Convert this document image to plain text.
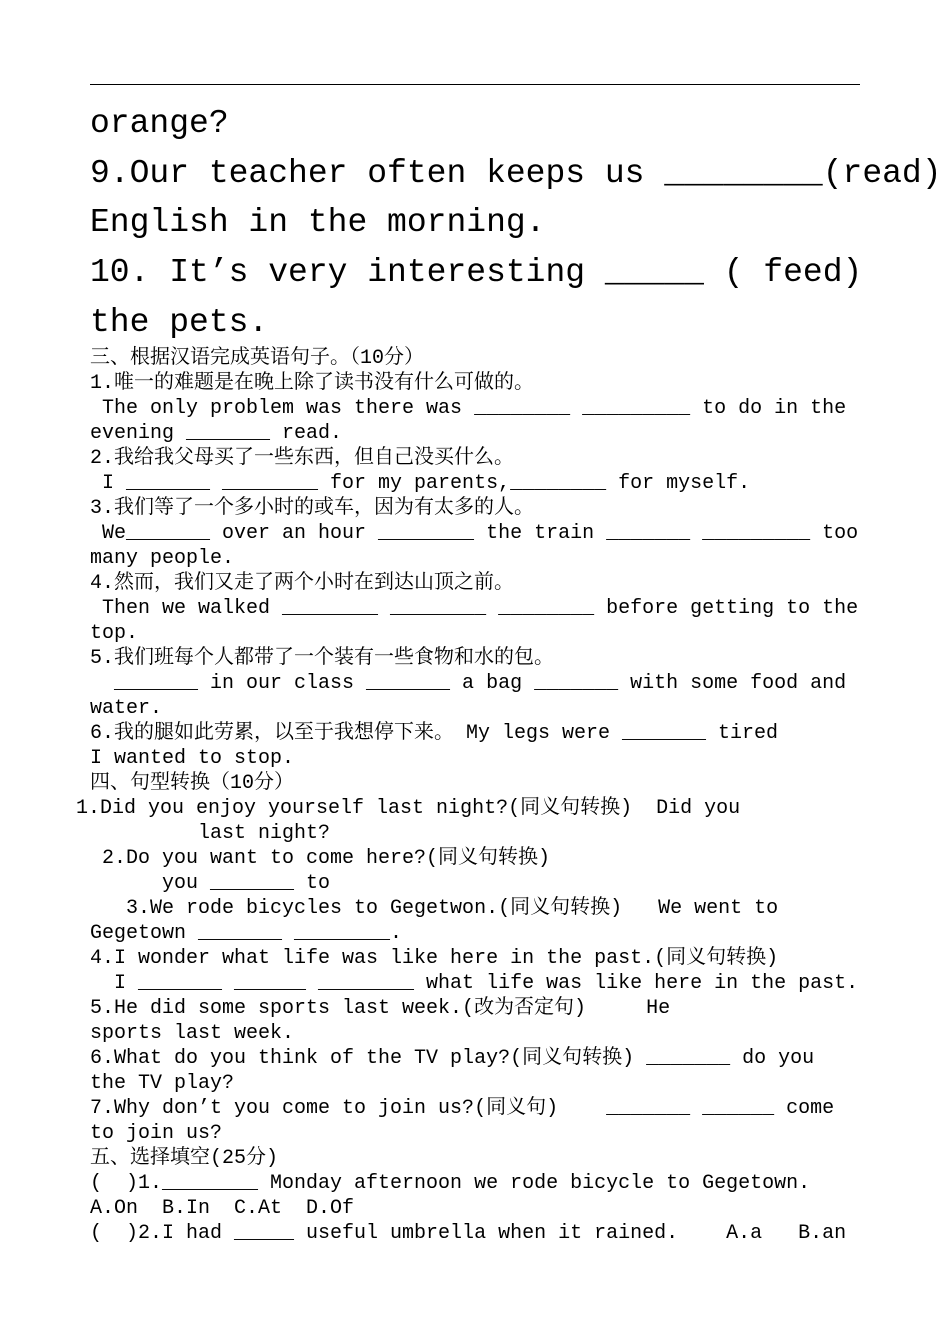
orange?
9.Our teacher often keeps us ________(read)
English in the morning.
10. It’s very interesting _____ ( feed)
the pets.
三、根据汉语完成英语句子。（10分）
1.唯一的难题是在晚上除了读书没有什么可做的。
The only problem was there was ________ _________ to do in the
evening _______ read.
2.我给我父母买了一些东西，但自己没买什么。
I _______ ________ for my parents,________ for myself.
3.我们等了一个多小时的或车，因为有太多的人。
We_______ over an hour ________ the train _______ _________ too
many people.
4.然而，我们又走了两个小时在到达山顶之前。
Then we walked ________ ________ ________ before getting to the
top.
5.我们班每个人都带了一个装有一些食物和水的包。
_______ in our class _______ a bag _______ with some food and
water.
6.我的腿如此劳累，以至于我想停下来。 My legs were _______ tired
I wanted to stop.
四、句型转换（10分）
1.Did you enjoy yourself last night?(同义句转换)  Did you
last night?
2.Do you want to come here?(同义句转换)
you _______ to
3.We rode bicycles to Gegetwon.(同义句转换)   We went to
Gegetown _______ ________.
4.I wonder what life was like here in the past.(同义句转换)
I _______ ______ ________ what life was like here in the past.
5.He did some sports last week.(改为否定句)     He
sports last week.
6.What do you think of the TV play?(同义句转换) _______ do you
the TV play?
7.Why don’t you come to join us?(同义句)    _______ ______ come
to join us?
五、选择填空(25分)
(  )1.________ Monday afternoon we rode bicycle to Gegetown.
A.On  B.In  C.At  D.Of
(  )2.I had _____ useful umbrella when it rained.    A.a   B.an
